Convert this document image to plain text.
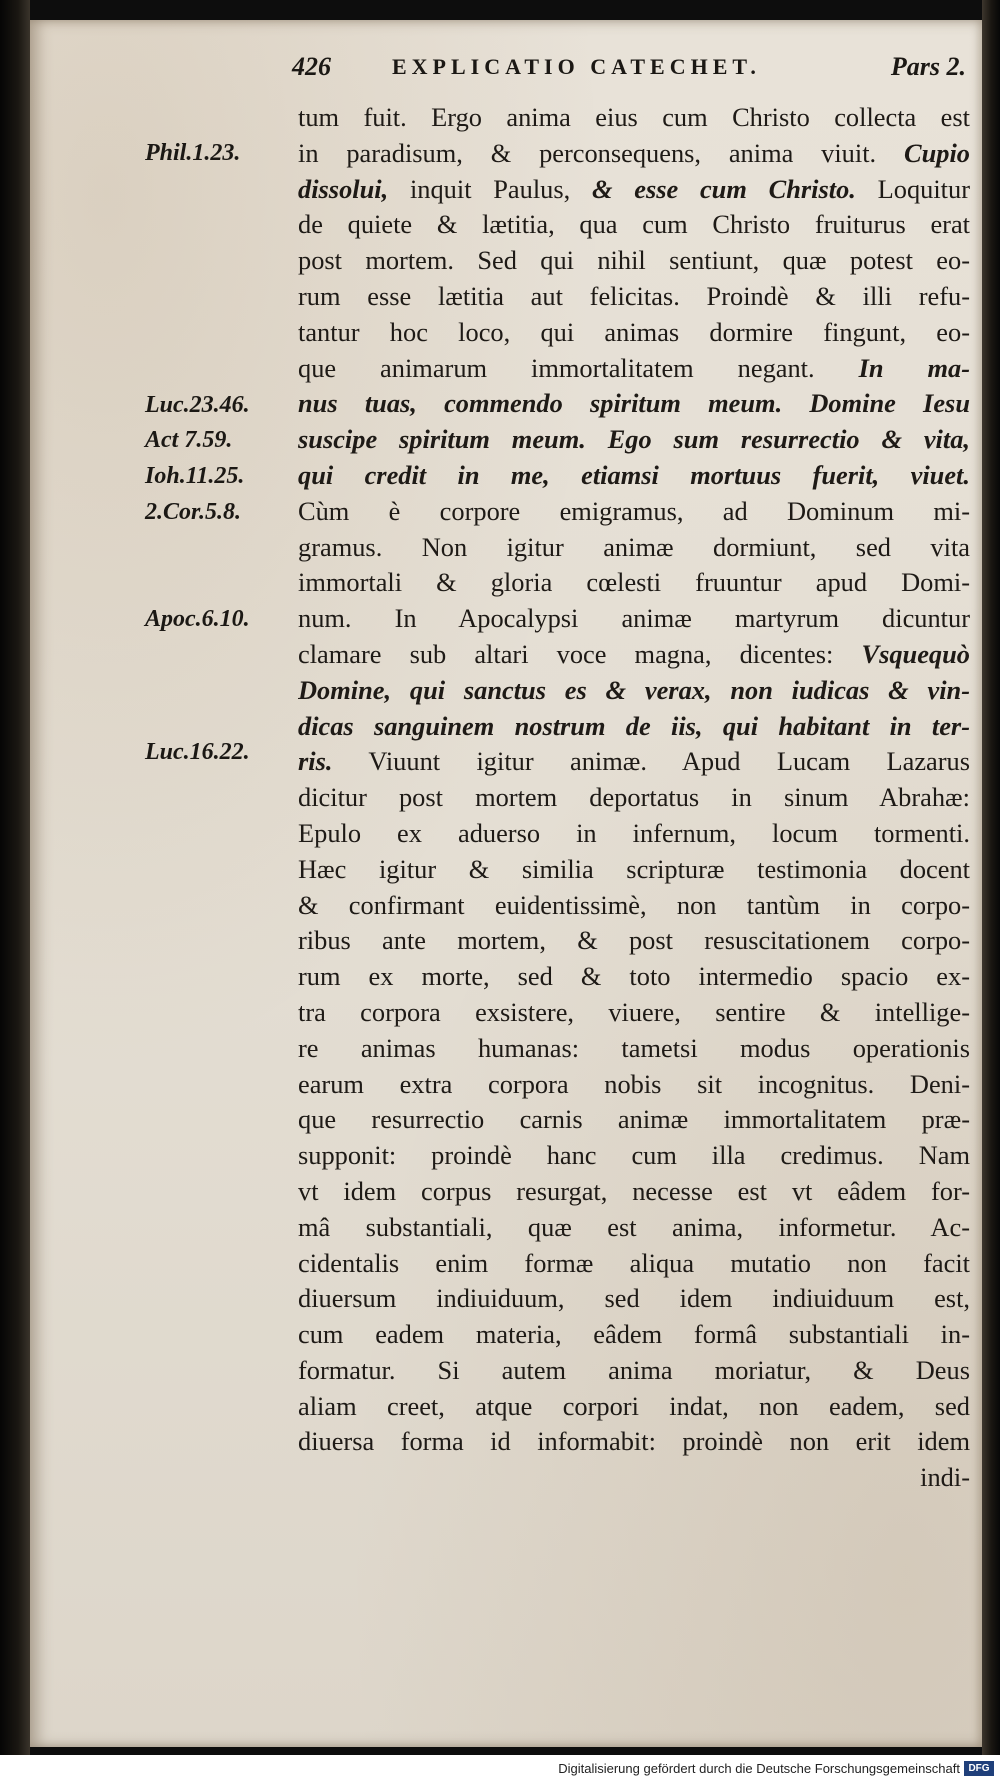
426	EXPLICATIO CATECHET.	Pars 2.
Phil.1.23.
Luc.23.46.
Act 7.59.
Ioh.11.25.
2.Cor.5.8.
Apoc.6.10.
Luc.16.22.
tum fuit. Ergo anima eius cum Christo collecta est
in paradisum, & perconsequens, anima viuit. Cupio
dissolui, inquit Paulus, & esse cum Christo. Loquitur
de quiete & lætitia, qua cum Christo fruiturus erat
post mortem. Sed qui nihil sentiunt, quæ potest eo-
rum esse lætitia aut felicitas. Proindè & illi refu-
tantur hoc loco, qui animas dormire fingunt, eo-
que animarum immortalitatem negant. In ma-
nus tuas, commendo spiritum meum. Domine Iesu
suscipe spiritum meum. Ego sum resurrectio & vita,
qui credit in me, etiamsi mortuus fuerit, viuet.
Cùm è corpore emigramus, ad Dominum mi-
gramus. Non igitur animæ dormiunt, sed vita
immortali & gloria cœlesti fruuntur apud Domi-
num. In Apocalypsi animæ martyrum dicuntur
clamare sub altari voce magna, dicentes: Vsquequò
Domine, qui sanctus es & verax, non iudicas & vin-
dicas sanguinem nostrum de iis, qui habitant in ter-
ris. Viuunt igitur animæ. Apud Lucam Lazarus
dicitur post mortem deportatus in sinum Abrahæ:
Epulo ex aduerso in infernum, locum tormenti.
Hæc igitur & similia scripturæ testimonia docent
& confirmant euidentissimè, non tantùm in corpo-
ribus ante mortem, & post resuscitationem corpo-
rum ex morte, sed & toto intermedio spacio ex-
tra corpora exsistere, viuere, sentire & intellige-
re animas humanas: tametsi modus operationis
earum extra corpora nobis sit incognitus. Deni-
que resurrectio carnis animæ immortalitatem præ-
supponit: proindè hanc cum illa credimus. Nam
vt idem corpus resurgat, necesse est vt eâdem for-
mâ substantiali, quæ est anima, informetur. Ac-
cidentalis enim formæ aliqua mutatio non facit
diuersum indiuiduum, sed idem indiuiduum est,
cum eadem materia, eâdem formâ substantiali in-
formatur. Si autem anima moriatur, & Deus
aliam creet, atque corpori indat, non eadem, sed
diuersa forma id informabit: proindè non erit idem
indi-
Digitalisierung gefördert durch die Deutsche Forschungsgemeinschaft DFG
